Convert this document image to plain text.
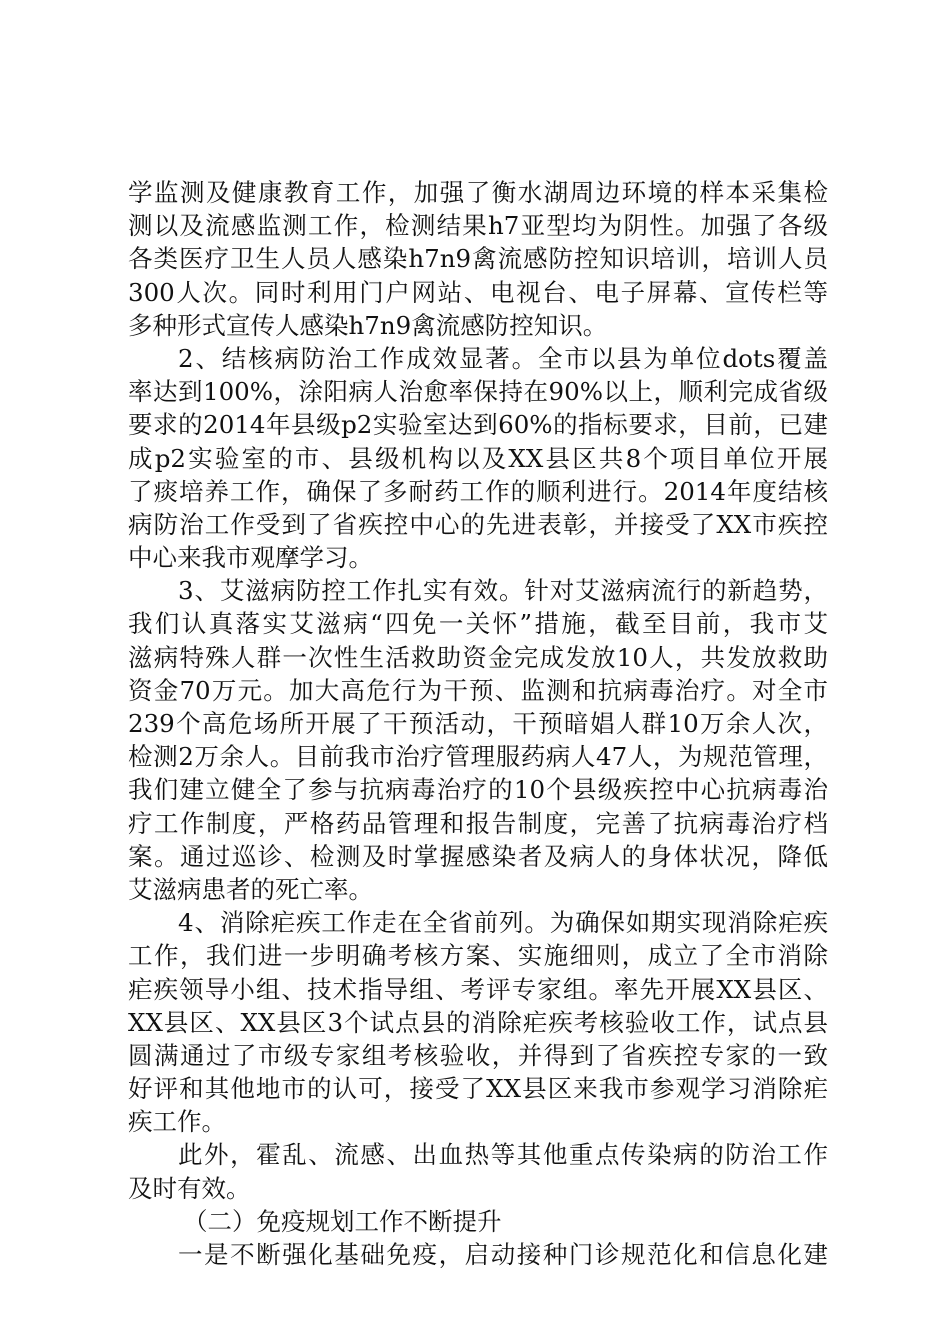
学监测及健康教育工作，加强了衡水湖周边环境的样本采集检
测以及流感监测工作，检测结果h7亚型均为阴性。加强了各级
各类医疗卫生人员人感染h7n9禽流感防控知识培训，培训人员
300人次。同时利用门户网站、电视台、电子屏幕、宣传栏等
多种形式宣传人感染h7n9禽流感防控知识。
2、结核病防治工作成效显著。全市以县为单位dots覆盖
率达到100%，涂阳病人治愈率保持在90%以上，顺利完成省级
要求的2014年县级p2实验室达到60%的指标要求，目前，已建
成p2实验室的市、县级机构以及XX县区共8个项目单位开展
了痰培养工作，确保了多耐药工作的顺利进行。2014年度结核
病防治工作受到了省疾控中心的先进表彰，并接受了XX市疾控
中心来我市观摩学习。
3、艾滋病防控工作扎实有效。针对艾滋病流行的新趋势，
我们认真落实艾滋病“四免一关怀”措施，截至目前，我市艾
滋病特殊人群一次性生活救助资金完成发放10人，共发放救助
资金70万元。加大高危行为干预、监测和抗病毒治疗。对全市
239个高危场所开展了干预活动，干预暗娼人群10万余人次，
检测2万余人。目前我市治疗管理服药病人47人，为规范管理，
我们建立健全了参与抗病毒治疗的10个县级疾控中心抗病毒治
疗工作制度，严格药品管理和报告制度，完善了抗病毒治疗档
案。通过巡诊、检测及时掌握感染者及病人的身体状况，降低
艾滋病患者的死亡率。
4、消除疟疾工作走在全省前列。为确保如期实现消除疟疾
工作，我们进一步明确考核方案、实施细则，成立了全市消除
疟疾领导小组、技术指导组、考评专家组。率先开展XX县区、
XX县区、XX县区3个试点县的消除疟疾考核验收工作，试点县
圆满通过了市级专家组考核验收，并得到了省疾控专家的一致
好评和其他地市的认可，接受了XX县区来我市参观学习消除疟
疾工作。
此外，霍乱、流感、出血热等其他重点传染病的防治工作
及时有效。
（二）免疫规划工作不断提升
一是不断强化基础免疫，启动接种门诊规范化和信息化建
